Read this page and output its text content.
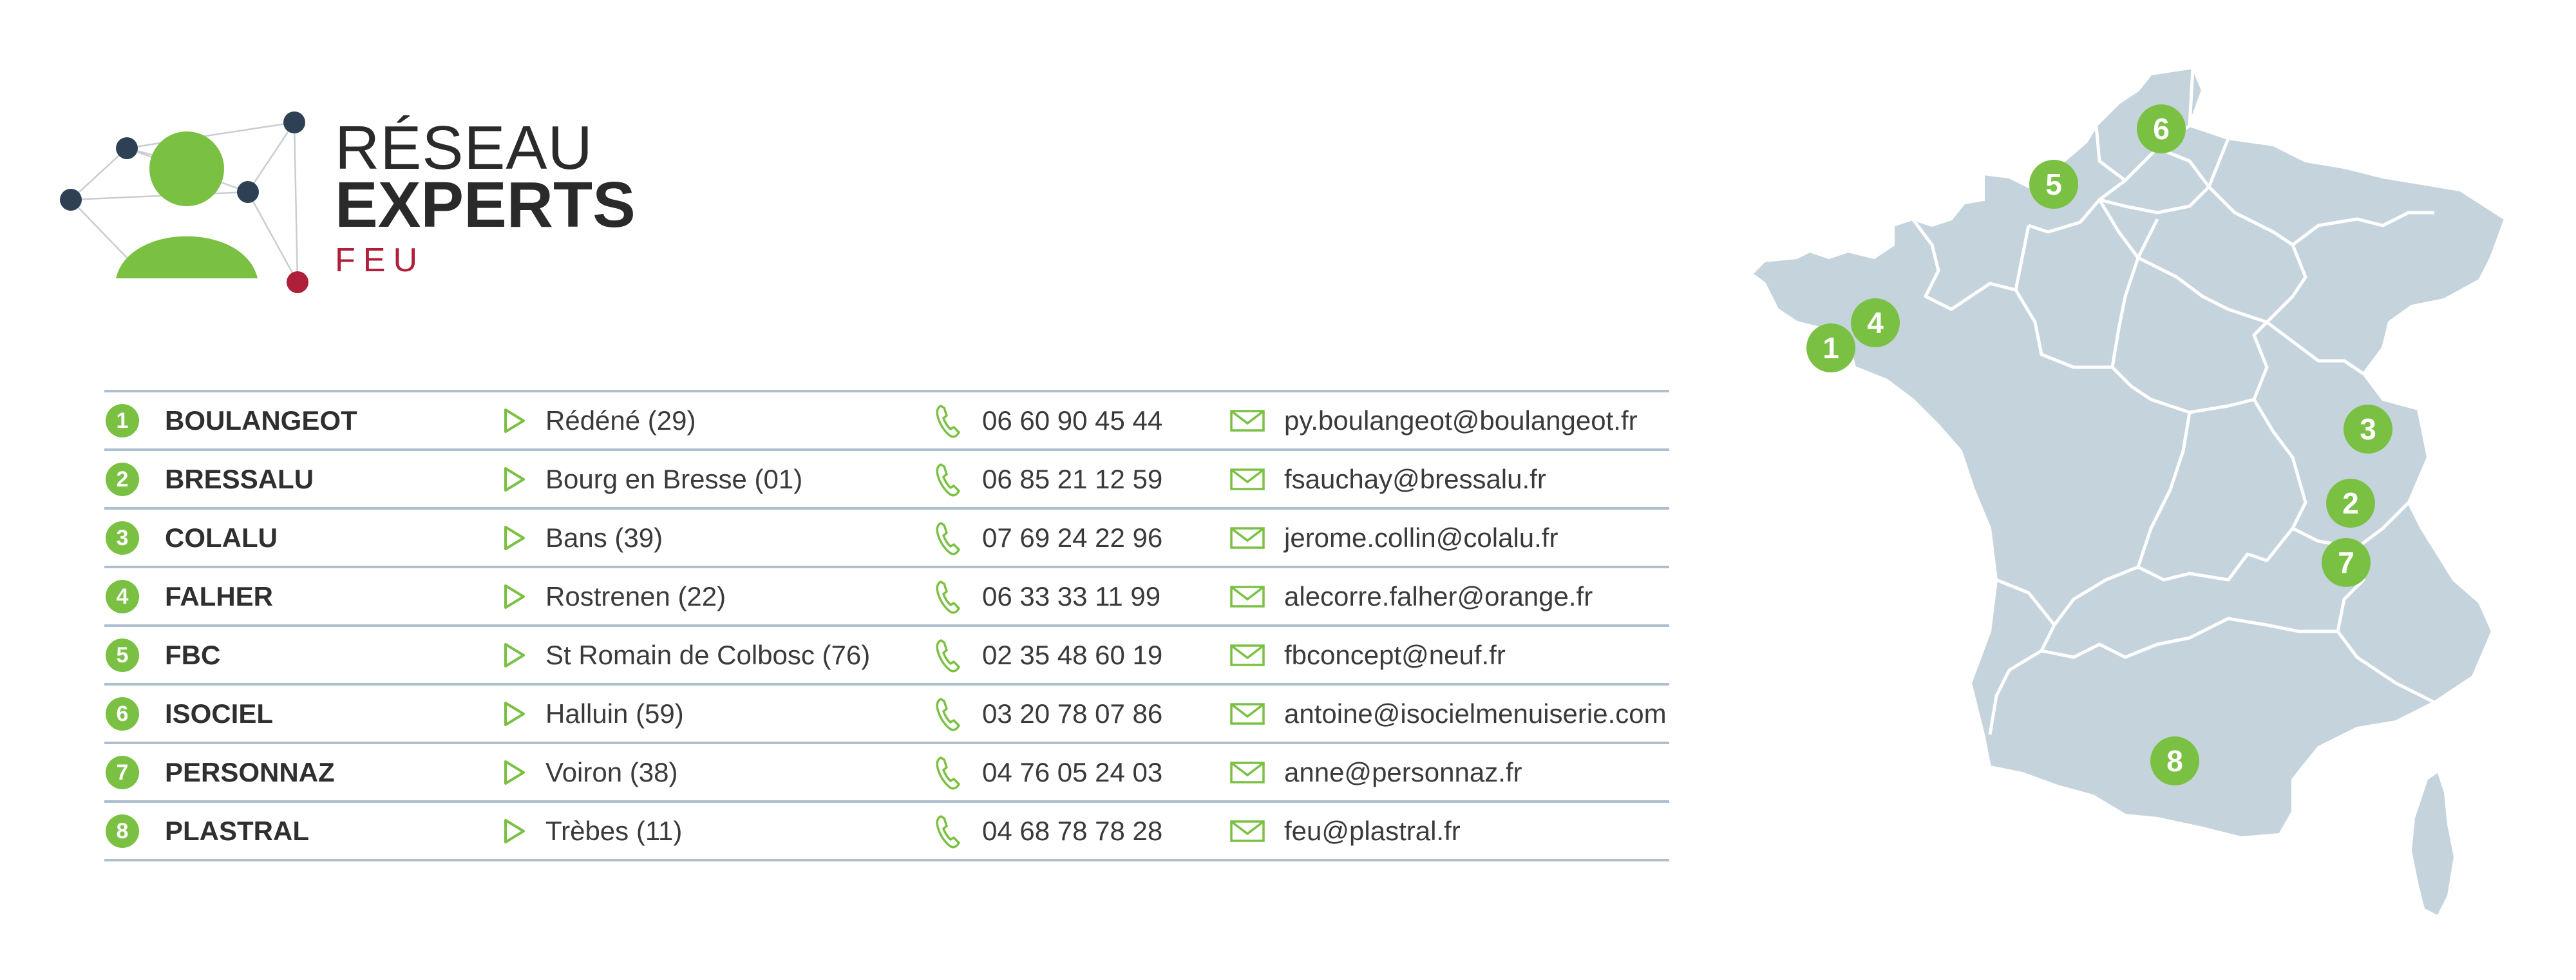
RÉSEAU
EXPERTS
FEU
1	BOULANGEOT	Rédéné (29)	06 60 90 45 44	py.boulangeot@boulangeot.fr
2	BRESSALU	Bourg en Bresse (01)	06 85 21 12 59	fsauchay@bressalu.fr
3	COLALU	Bans (39)	07 69 24 22 96	jerome.collin@colalu.fr
4	FALHER	Rostrenen (22)	06 33 33 11 99	alecorre.falher@orange.fr
5	FBC	St Romain de Colbosc (76)	02 35 48 60 19	fbconcept@neuf.fr
6	ISOCIEL	Halluin (59)	03 20 78 07 86	antoine@isocielmenuiserie.com
7	PERSONNAZ	Voiron (38)	04 76 05 24 03	anne@personnaz.fr
8	PLASTRAL	Trèbes (11)	04 68 78 78 28	feu@plastral.fr
1
2
3
4
5
6
7
8
